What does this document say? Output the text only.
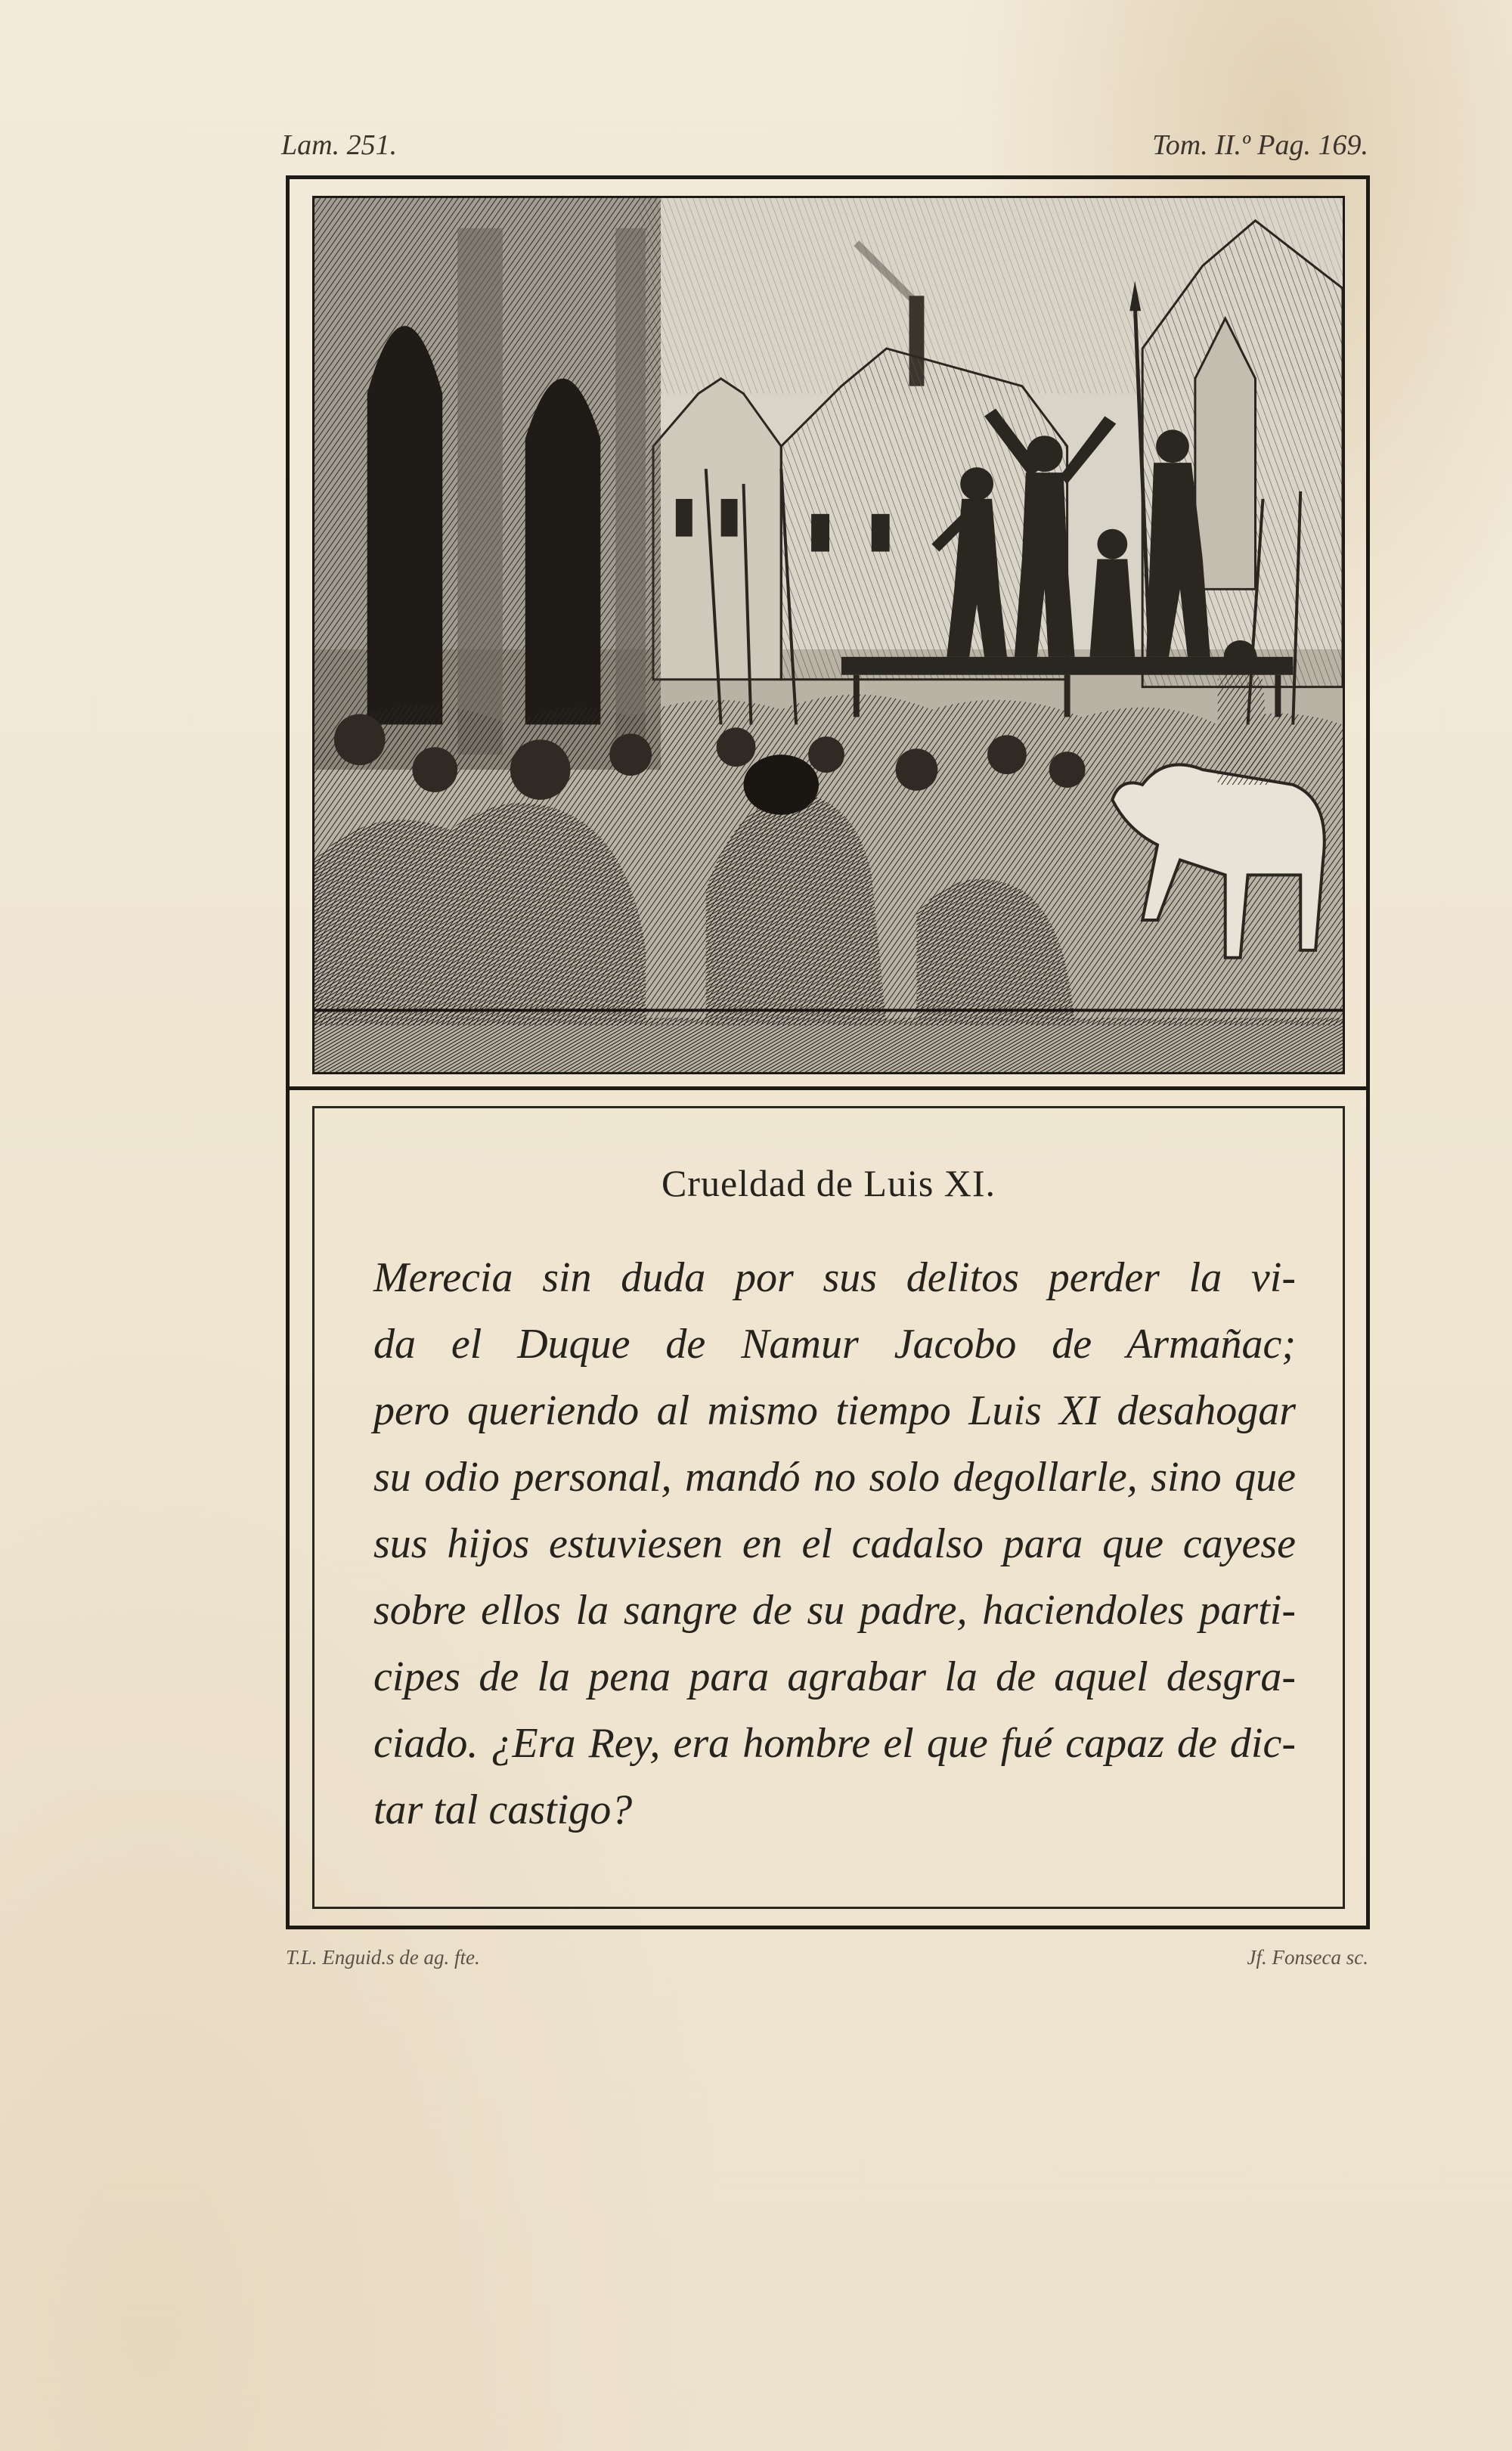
Lam. 251.	Tom. II.º Pag. 169.
Crueldad de Luis XI.
Merecia sin duda por sus delitos perder la vi-
da el Duque de Namur Jacobo de Armañac;
pero queriendo al mismo tiempo Luis XI desahogar
su odio personal, mandó no solo degollarle, sino que
sus hijos estuviesen en el cadalso para que cayese
sobre ellos la sangre de su padre, haciendoles parti-
cipes de la pena para agrabar la de aquel desgra-
ciado. ¿Era Rey, era hombre el que fué capaz de dic-
tar tal castigo?
T.L. Enguid.s de ag. fte.	Jf. Fonseca sc.
